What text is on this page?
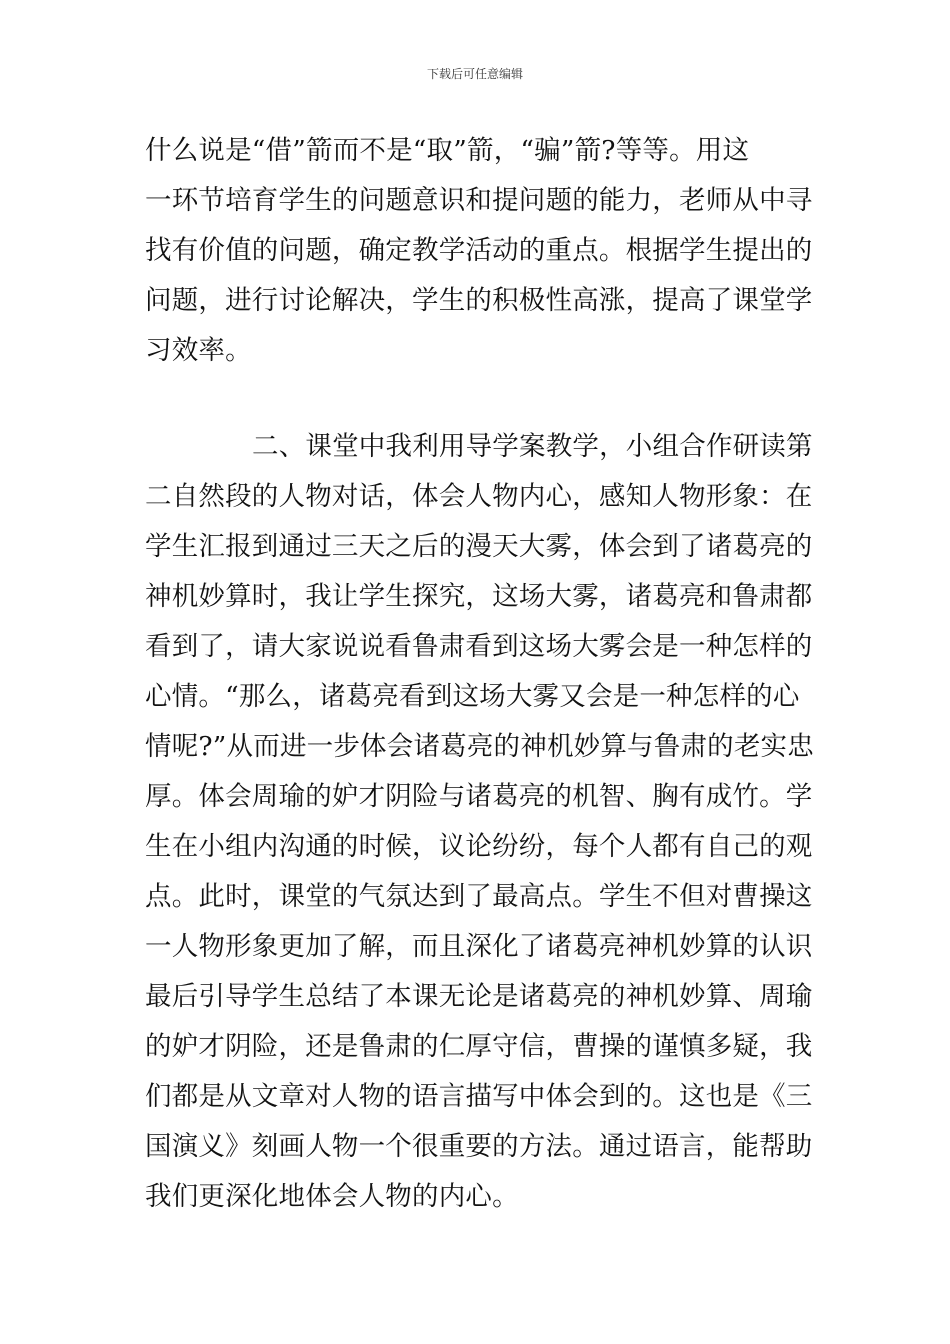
下载后可任意编辑
什么说是“借”箭而不是“取”箭，“骗”箭?等等。用这
一环节培育学生的问题意识和提问题的能力，老师从中寻
找有价值的问题，确定教学活动的重点。根据学生提出的
问题，进行讨论解决，学生的积极性高涨，提高了课堂学
习效率。
二、课堂中我利用导学案教学，小组合作研读第
二自然段的人物对话，体会人物内心，感知人物形象：在
学生汇报到通过三天之后的漫天大雾，体会到了诸葛亮的
神机妙算时，我让学生探究，这场大雾，诸葛亮和鲁肃都
看到了，请大家说说看鲁肃看到这场大雾会是一种怎样的
心情。“那么，诸葛亮看到这场大雾又会是一种怎样的心
情呢?”从而进一步体会诸葛亮的神机妙算与鲁肃的老实忠
厚。体会周瑜的妒才阴险与诸葛亮的机智、胸有成竹。学
生在小组内沟通的时候，议论纷纷，每个人都有自己的观
点。此时，课堂的气氛达到了最高点。学生不但对曹操这
一人物形象更加了解，而且深化了诸葛亮神机妙算的认识
最后引导学生总结了本课无论是诸葛亮的神机妙算、周瑜
的妒才阴险，还是鲁肃的仁厚守信，曹操的谨慎多疑，我
们都是从文章对人物的语言描写中体会到的。这也是《三
国演义》刻画人物一个很重要的方法。通过语言，能帮助
我们更深化地体会人物的内心。
